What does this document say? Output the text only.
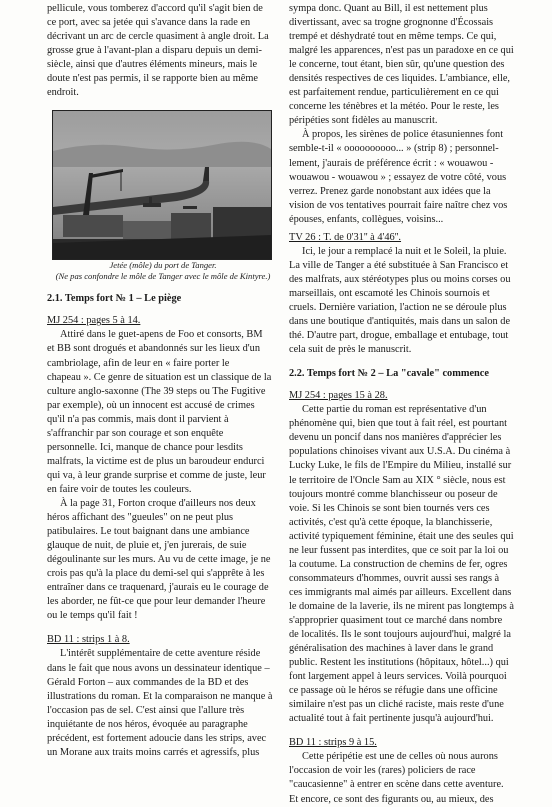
pellicule, vous tomberez d'accord qu'il s'agit bien de

ce port, avec sa jetée qui s'avance dans la rade en

décrivant un arc de cercle quasiment à angle droit. La

grosse grue à l'avant-plan a disparu depuis un demi-

siècle, ainsi que d'autres éléments mineurs, mais le

doute n'est pas permis, il se rapporte bien au même

endroit.

Jetée (môle) du port de Tanger.

(Ne pas confondre le môle de Tanger avec le môle de Kintyre.)

2.1. Temps fort № 1 – Le piège

MJ 254 : pages 5 à 14.

Attiré dans le guet-apens de Foo et consorts, BM

et BB sont drogués et abandonnés sur les lieux d'un

cambriolage, afin de leur en « faire porter le

chapeau ». Ce genre de situation est un classique de la

culture anglo-saxonne (The 39 steps ou The Fugitive

par exemple), où un innocent est accusé de crimes

qu'il n'a pas commis, mais dont il parvient à

s'affranchir par son courage et son enquête

personnelle. Ici, manque de chance pour lesdits

malfrats, la victime est de plus un baroudeur endurci

qui va, à leur grande surprise et comme de juste, leur

en faire voir de toutes les couleurs.

À la page 31, Forton croque d'ailleurs nos deux

héros affichant des "gueules" on ne peut plus

patibulaires. Le tout baignant dans une ambiance

glauque de nuit, de pluie et, j'en jurerais, de suie

dégoulinante sur les murs. Au vu de cette image, je ne

crois pas qu'à la place du demi-sel qui s'apprête à les

entraîner dans ce traquenard, j'aurais eu le courage de

les aborder, ne fût-ce que pour leur demander l'heure

ou le temps qu'il fait !

BD 11 : strips 1 à 8.

L'intérêt supplémentaire de cette aventure réside

dans le fait que nous avons un dessinateur identique –

Gérald Forton – aux commandes de la BD et des

illustrations du roman. Et la comparaison ne manque à

l'occasion pas de sel. C'est ainsi que l'allure très

inquiétante de nos héros, évoquée au paragraphe

précédent, est fortement adoucie dans les strips, avec

un Morane aux traits moins carrés et agressifs, plus

sympa donc. Quant au Bill, il est nettement plus

divertissant, avec sa trogne grognonne d'Écossais

trempé et déshydraté tout en même temps. Ce qui,

malgré les apparences, n'est pas un paradoxe en ce qui

le concerne, tout étant, bien sûr, qu'une question des

densités respectives de ces liquides. L'ambiance, elle,

est parfaitement rendue, particulièrement en ce qui

concerne les ténèbres et la météo. Pour le reste, les

péripéties sont fidèles au manuscrit.

À propos, les sirènes de police étasuniennes font

semble-t-il « oooooooooo... » (strip 8) ; personnel-

lement, j'aurais de préférence écrit : « wouawou -

wouawou - wouawou » ; essayez de votre côté, vous

verrez. Prenez garde nonobstant aux idées que la

vision de vos tentatives pourrait faire naître chez vos

épouses, enfants, collègues, voisins...

TV 26 : T. de 0'31'' à 4'46''.

Ici, le jour a remplacé la nuit et le Soleil, la pluie.

La ville de Tanger a été substituée à San Francisco et

des malfrats, aux stéréotypes plus ou moins corses ou

marseillais, ont escamoté les Chinois sournois et

cruels. Dernière variation, l'action ne se déroule plus

dans une boutique d'antiquités, mais dans un salon de

thé. D'autre part, drogue, emballage et entubage, tout

cela suit de près le manuscrit.

2.2. Temps fort № 2 – La "cavale" commence

MJ 254 : pages 15 à 28.

Cette partie du roman est représentative d'un

phénomène qui, bien que tout à fait réel, est pourtant

devenu un poncif dans nos manières d'apprécier les

populations chinoises vivant aux U.S.A. Du cinéma à

Lucky Luke, le fils de l'Empire du Milieu, installé sur

le territoire de l'Oncle Sam au XIX ° siècle, nous est

toujours montré comme blanchisseur ou poseur de

voie. Si les Chinois se sont bien tournés vers ces

activités, c'est qu'à cette époque, la blanchisserie,

activité typiquement féminine, était une des seules qui

ne leur fussent pas interdites, que ce soit par la loi ou

la coutume. La construction de chemins de fer, ogres

consommateurs d'hommes, ouvrit aussi ses rangs à

ces immigrants mal aimés par ailleurs. Excellent dans

le domaine de la laverie, ils ne mirent pas longtemps à

s'approprier quasiment tout ce marché dans nombre

de localités. Ils le sont toujours aujourd'hui, malgré la

généralisation des machines à laver dans le grand

public. Restent les institutions (hôpitaux, hôtel...) qui

font largement appel à leurs services. Voilà pourquoi

ce passage où le héros se réfugie dans une officine

similaire n'est pas un cliché raciste, mais reste d'une

actualité tout à fait pertinente jusqu'à aujourd'hui.

BD 11 : strips 9 à 15.

Cette péripétie est une de celles où nous aurons

l'occasion de voir les (rares) policiers de race

"caucasienne" à entrer en scène dans cette aventure.

Et encore, ce sont des figurants ou, au mieux, des
